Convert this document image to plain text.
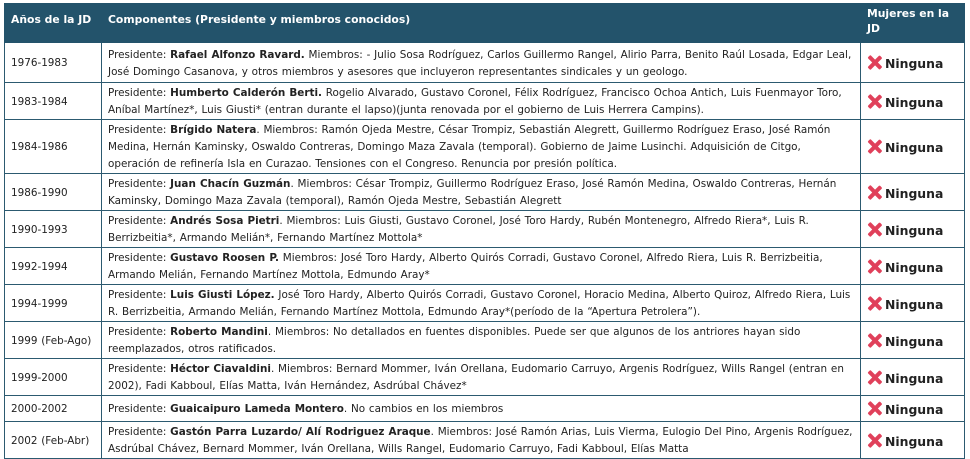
Años de la JD	Componentes (Presidente y miembros conocidos)	Mujeres en la JD
1976-1983	Presidente: Rafael Alfonzo Ravard. Miembros: - Julio Sosa Rodríguez, Carlos Guillermo Rangel, Alirio Parra, Benito Raúl Losada, Edgar Leal, José Domingo Casanova, y otros miembros y asesores que incluyeron representantes sindicales y un geologo.	Ninguna
1983-1984	Presidente: Humberto Calderón Berti. Rogelio Alvarado, Gustavo Coronel, Félix Rodríguez, Francisco Ochoa Antich, Luis Fuenmayor Toro, Aníbal Martínez*, Luis Giusti* (entran durante el lapso)(junta renovada por el gobierno de Luis Herrera Campins).	Ninguna
1984-1986	Presidente: Brígido Natera. Miembros: Ramón Ojeda Mestre, César Trompiz, Sebastián Alegrett, Guillermo Rodríguez Eraso, José Ramón Medina, Hernán Kaminsky, Oswaldo Contreras, Domingo Maza Zavala (temporal). Gobierno de Jaime Lusinchi. Adquisición de Citgo, operación de refinería Isla en Curazao. Tensiones con el Congreso. Renuncia por presión política.	Ninguna
1986-1990	Presidente: Juan Chacín Guzmán. Miembros: César Trompiz, Guillermo Rodríguez Eraso, José Ramón Medina, Oswaldo Contreras, Hernán Kaminsky, Domingo Maza Zavala (temporal), Ramón Ojeda Mestre, Sebastián Alegrett	Ninguna
1990-1993	Presidente: Andrés Sosa Pietri. Miembros: Luis Giusti, Gustavo Coronel, José Toro Hardy, Rubén Montenegro, Alfredo Riera*, Luis R. Berrizbeitia*, Armando Melián*, Fernando Martínez Mottola*	Ninguna
1992-1994	Presidente: Gustavo Roosen P. Miembros: José Toro Hardy, Alberto Quirós Corradi, Gustavo Coronel, Alfredo Riera, Luis R. Berrizbeitia, Armando Melián, Fernando Martínez Mottola, Edmundo Aray*	Ninguna
1994-1999	Presidente: Luis Giusti López. José Toro Hardy, Alberto Quirós Corradi, Gustavo Coronel, Horacio Medina, Alberto Quiroz, Alfredo Riera, Luis R. Berrizbeitia, Armando Melián, Fernando Martínez Mottola, Edmundo Aray*(período de la “Apertura Petrolera”).	Ninguna
1999 (Feb-Ago)	Presidente: Roberto Mandini. Miembros: No detallados en fuentes disponibles. Puede ser que algunos de los antriores hayan sido reemplazados, otros ratificados.	Ninguna
1999-2000	Presidente: Héctor Ciavaldini. Miembros: Bernard Mommer, Iván Orellana, Eudomario Carruyo, Argenis Rodríguez, Wills Rangel (entran en 2002), Fadi Kabboul, Elías Matta, Iván Hernández, Asdrúbal Chávez*	Ninguna
2000-2002	Presidente: Guaicaipuro Lameda Montero. No cambios en los miembros	Ninguna
2002 (Feb-Abr)	Presidente: Gastón Parra Luzardo/ Alí Rodriguez Araque. Miembros: José Ramón Arias, Luis Vierma, Eulogio Del Pino, Argenis Rodríguez, Asdrúbal Chávez, Bernard Mommer, Iván Orellana, Wills Rangel, Eudomario Carruyo, Fadi Kabboul, Elías Matta	Ninguna
